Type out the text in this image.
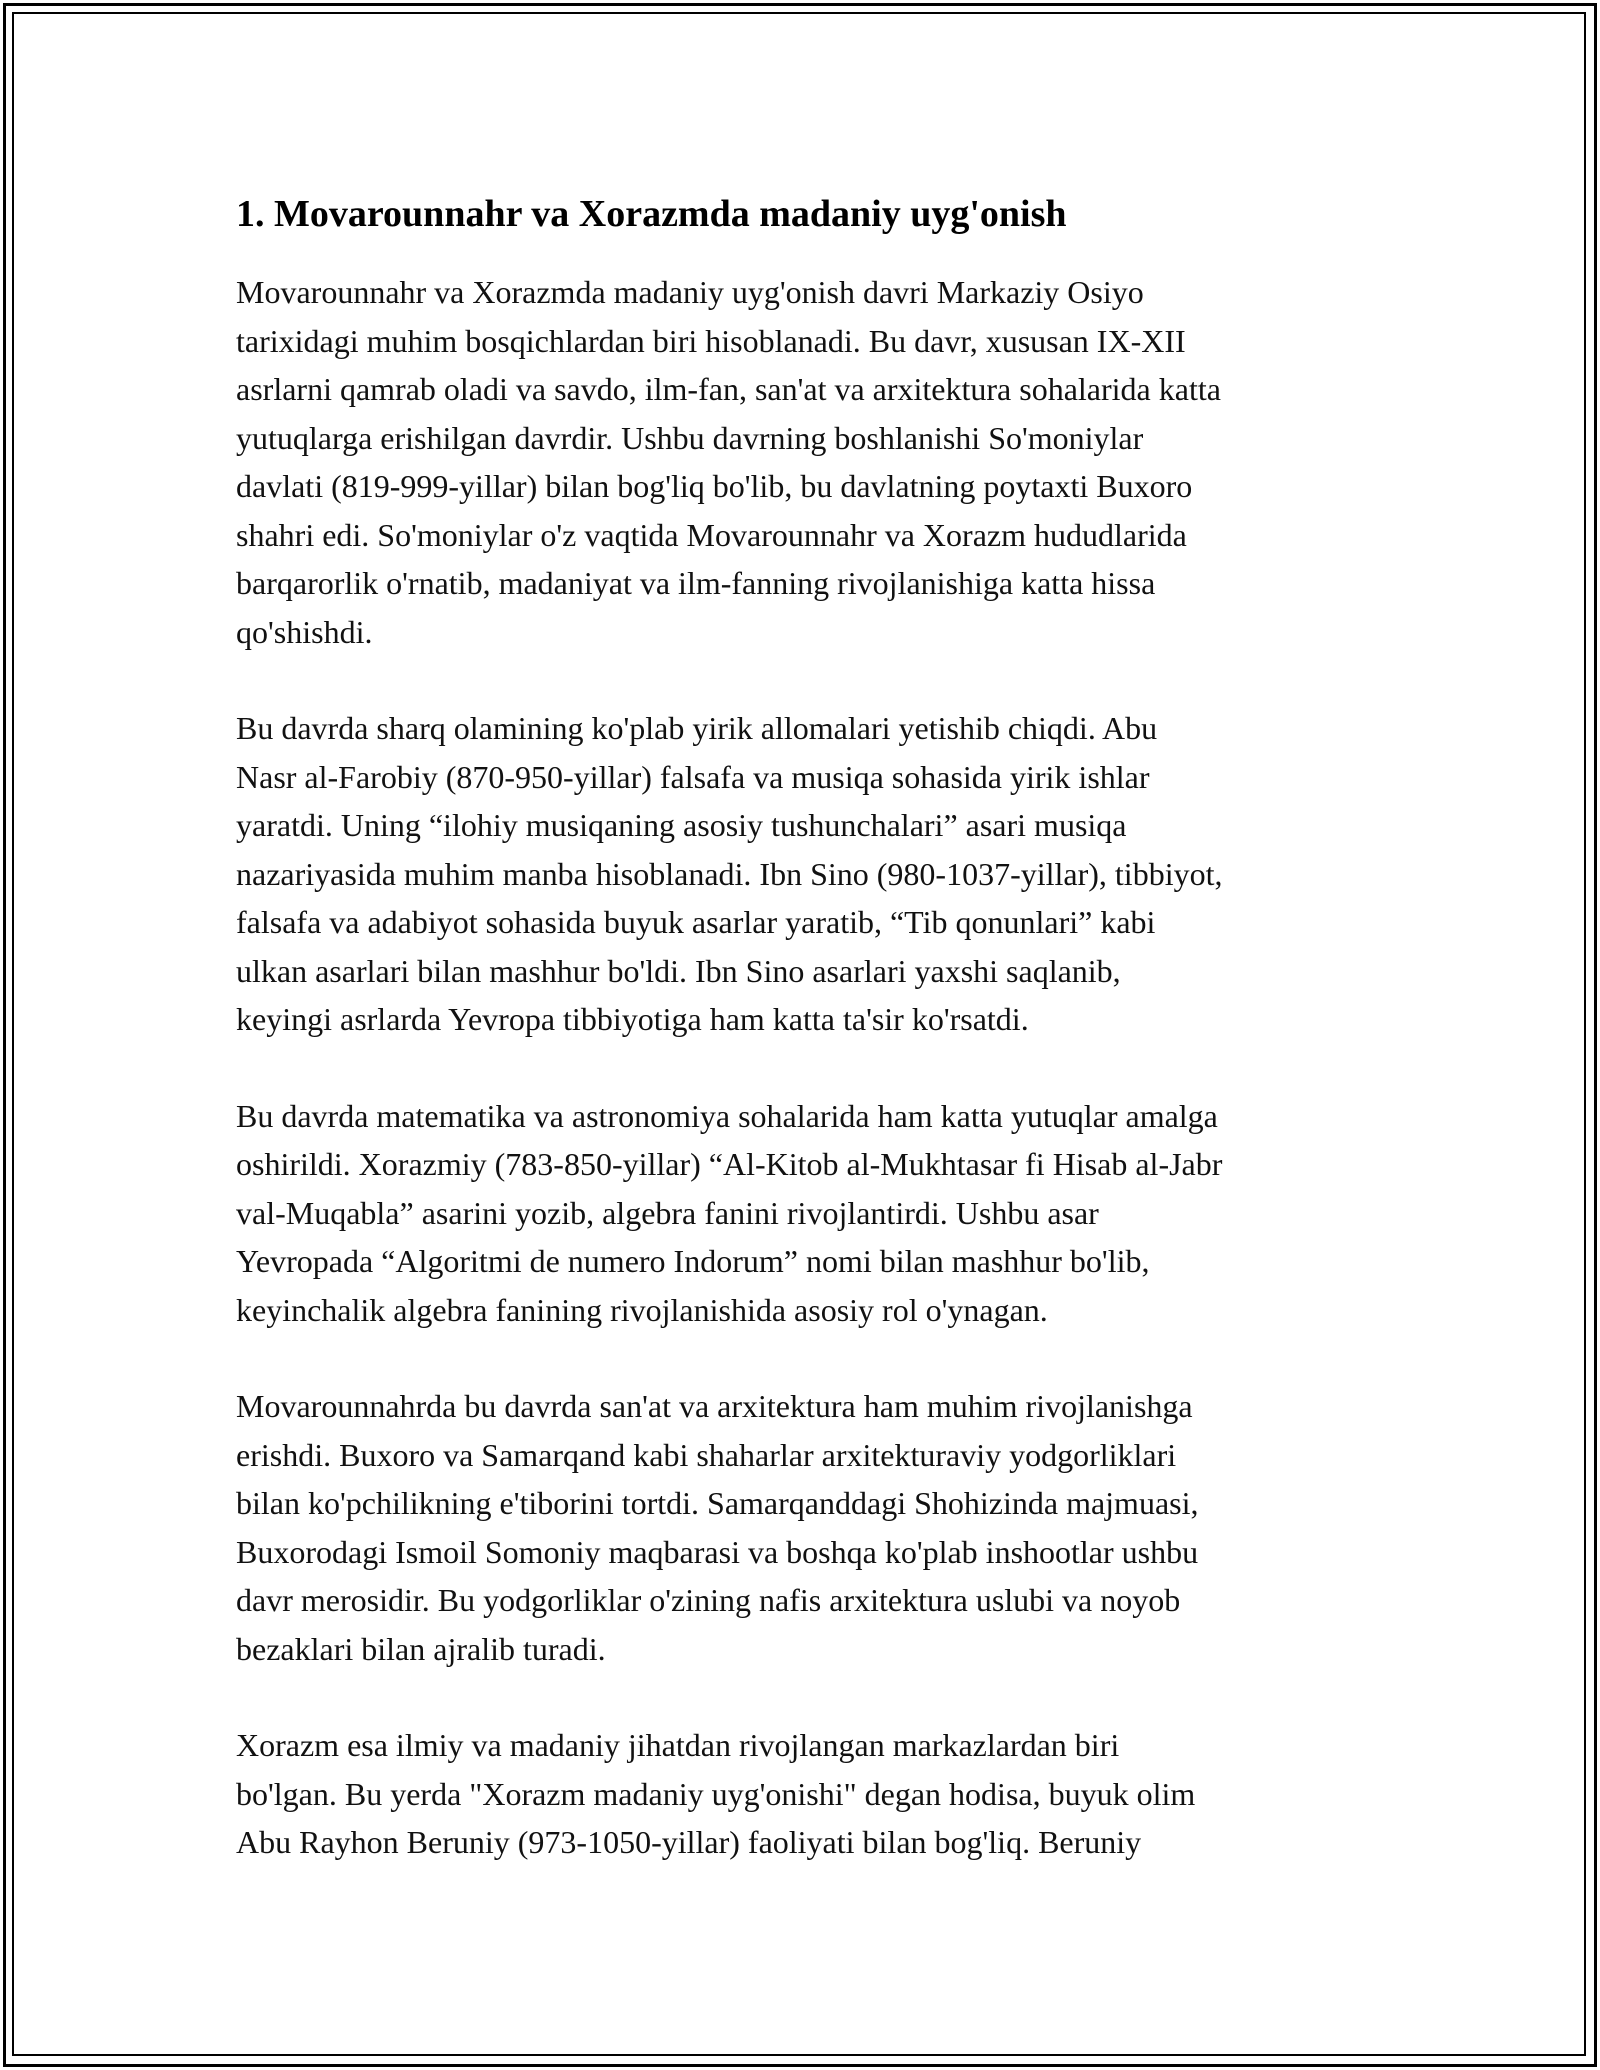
1. Movarounnahr va Xorazmda madaniy uyg'onish

Movarounnahr va Xorazmda madaniy uyg'onish davri Markaziy Osiyo
tarixidagi muhim bosqichlardan biri hisoblanadi. Bu davr, xususan IX-XII
asrlarni qamrab oladi va savdo, ilm-fan, san'at va arxitektura sohalarida katta
yutuqlarga erishilgan davrdir. Ushbu davrning boshlanishi So'moniylar
davlati (819-999-yillar) bilan bog'liq bo'lib, bu davlatning poytaxti Buxoro
shahri edi. So'moniylar o'z vaqtida Movarounnahr va Xorazm hududlarida
barqarorlik o'rnatib, madaniyat va ilm-fanning rivojlanishiga katta hissa
qo'shishdi.

Bu davrda sharq olamining ko'plab yirik allomalari yetishib chiqdi. Abu
Nasr al-Farobiy (870-950-yillar) falsafa va musiqa sohasida yirik ishlar
yaratdi. Uning “ilohiy musiqaning asosiy tushunchalari” asari musiqa
nazariyasida muhim manba hisoblanadi. Ibn Sino (980-1037-yillar), tibbiyot,
falsafa va adabiyot sohasida buyuk asarlar yaratib, “Tib qonunlari” kabi
ulkan asarlari bilan mashhur bo'ldi. Ibn Sino asarlari yaxshi saqlanib,
keyingi asrlarda Yevropa tibbiyotiga ham katta ta'sir ko'rsatdi.

Bu davrda matematika va astronomiya sohalarida ham katta yutuqlar amalga
oshirildi. Xorazmiy (783-850-yillar) “Al-Kitob al-Mukhtasar fi Hisab al-Jabr
val-Muqabla” asarini yozib, algebra fanini rivojlantirdi. Ushbu asar
Yevropada “Algoritmi de numero Indorum” nomi bilan mashhur bo'lib,
keyinchalik algebra fanining rivojlanishida asosiy rol o'ynagan.

Movarounnahrda bu davrda san'at va arxitektura ham muhim rivojlanishga
erishdi. Buxoro va Samarqand kabi shaharlar arxitekturaviy yodgorliklari
bilan ko'pchilikning e'tiborini tortdi. Samarqanddagi Shohizinda majmuasi,
Buxorodagi Ismoil Somoniy maqbarasi va boshqa ko'plab inshootlar ushbu
davr merosidir. Bu yodgorliklar o'zining nafis arxitektura uslubi va noyob
bezaklari bilan ajralib turadi.

Xorazm esa ilmiy va madaniy jihatdan rivojlangan markazlardan biri
bo'lgan. Bu yerda "Xorazm madaniy uyg'onishi" degan hodisa, buyuk olim
Abu Rayhon Beruniy (973-1050-yillar) faoliyati bilan bog'liq. Beruniy
